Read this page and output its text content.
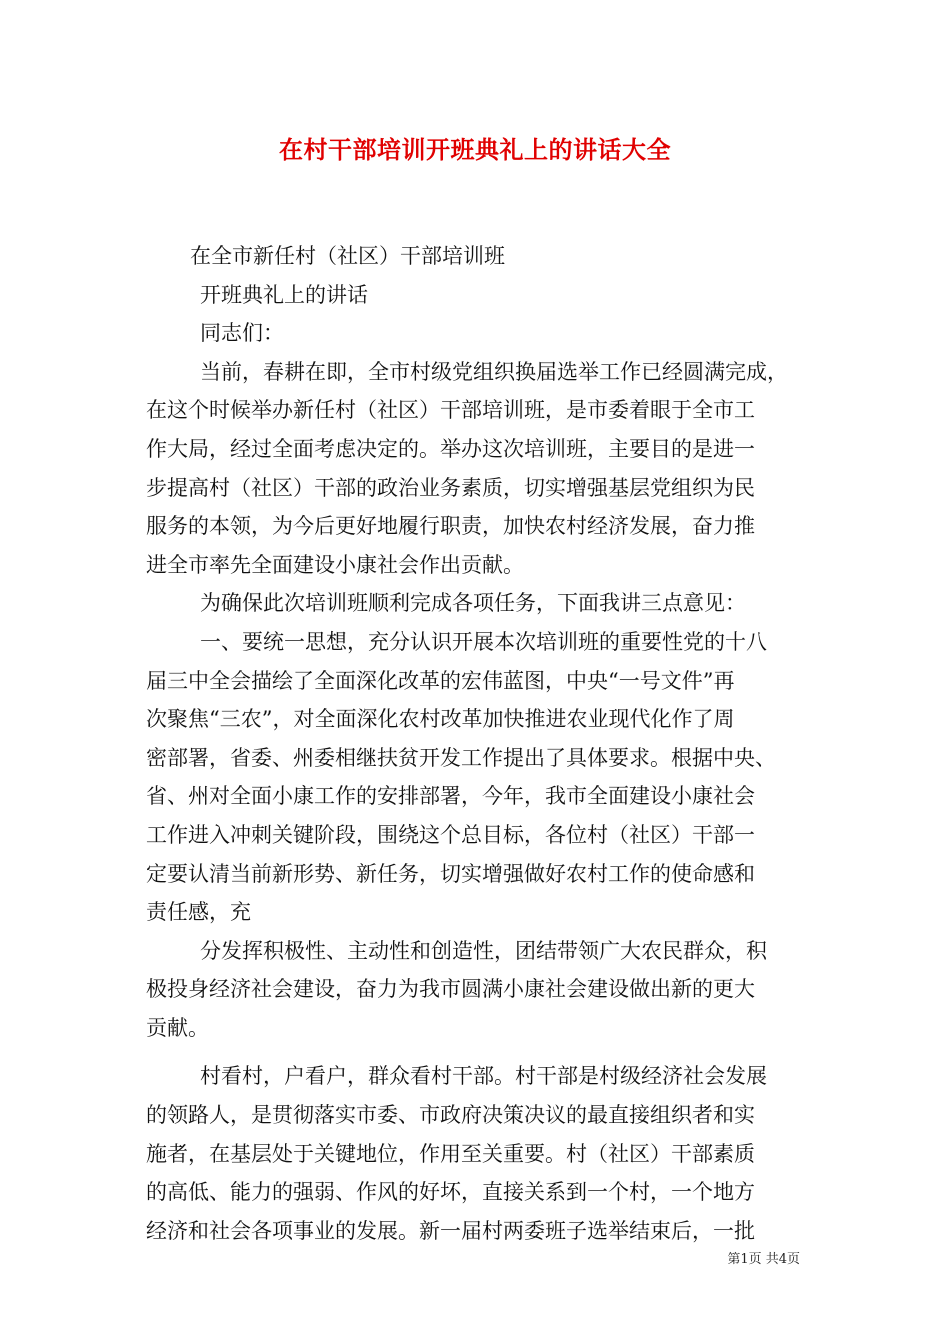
在村干部培训开班典礼上的讲话大全
在全市新任村（社区）干部培训班
开班典礼上的讲话
同志们：
当前，春耕在即，全市村级党组织换届选举工作已经圆满完成，
在这个时候举办新任村（社区）干部培训班，是市委着眼于全市工
作大局，经过全面考虑决定的。举办这次培训班，主要目的是进一
步提高村（社区）干部的政治业务素质，切实增强基层党组织为民
服务的本领，为今后更好地履行职责，加快农村经济发展，奋力推
进全市率先全面建设小康社会作出贡献。
为确保此次培训班顺利完成各项任务，下面我讲三点意见：
一、要统一思想，充分认识开展本次培训班的重要性党的十八
届三中全会描绘了全面深化改革的宏伟蓝图，中央“一号文件”再
次聚焦“三农”，对全面深化农村改革加快推进农业现代化作了周
密部署，省委、州委相继扶贫开发工作提出了具体要求。根据中央、
省、州对全面小康工作的安排部署，今年，我市全面建设小康社会
工作进入冲刺关键阶段，围绕这个总目标，各位村（社区）干部一
定要认清当前新形势、新任务，切实增强做好农村工作的使命感和
责任感，充
分发挥积极性、主动性和创造性，团结带领广大农民群众，积
极投身经济社会建设，奋力为我市圆满小康社会建设做出新的更大
贡献。
村看村，户看户，群众看村干部。村干部是村级经济社会发展
的领路人，是贯彻落实市委、市政府决策决议的最直接组织者和实
施者，在基层处于关键地位，作用至关重要。村（社区）干部素质
的高低、能力的强弱、作风的好坏，直接关系到一个村，一个地方
经济和社会各项事业的发展。新一届村两委班子选举结束后，一批
第1页 共4页
